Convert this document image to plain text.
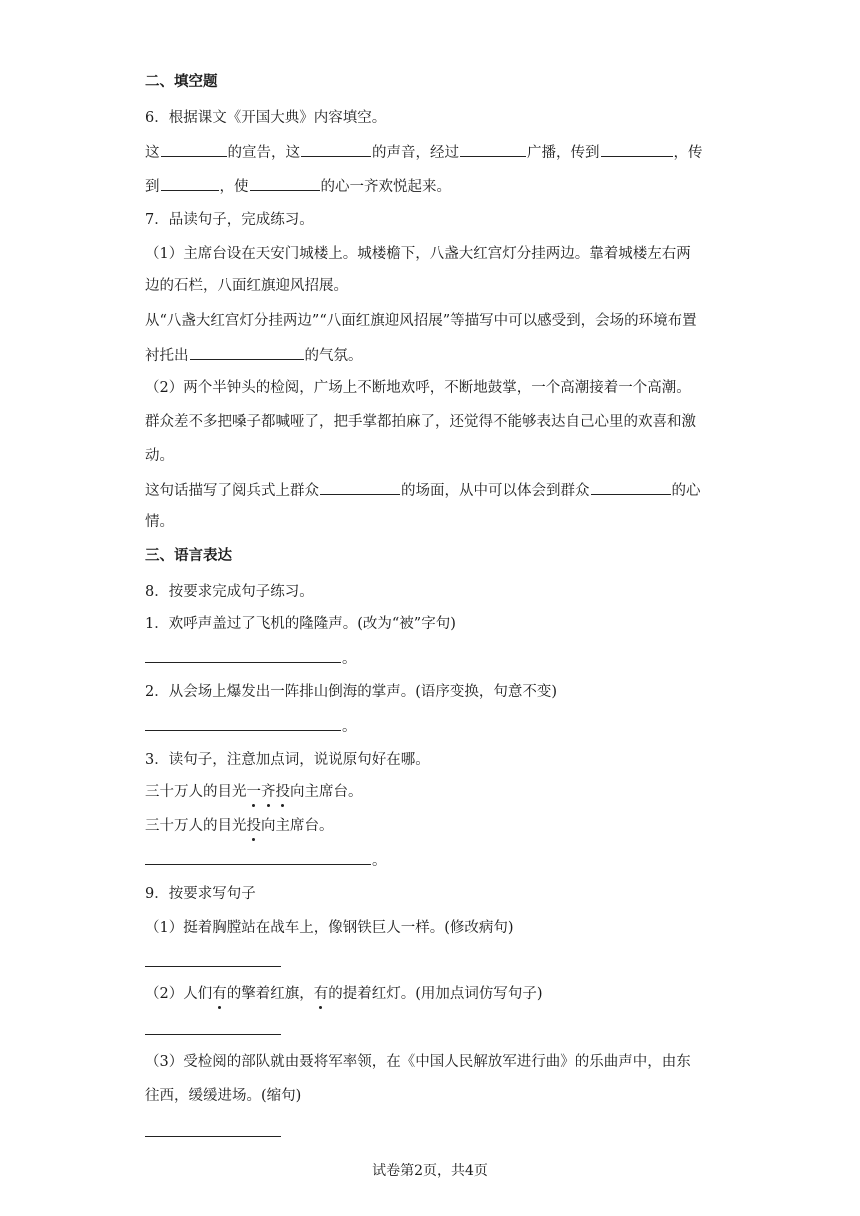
二、填空题
6．根据课文《开国大典》内容填空。
这	的宣告，这	的声音，经过	广播，传到	，传
到	，使	的心一齐欢悦起来。
7．品读句子，完成练习。
（1）主席台设在天安门城楼上。城楼檐下，八盏大红宫灯分挂两边。靠着城楼左右两
边的石栏，八面红旗迎风招展。
从“八盏大红宫灯分挂两边”“八面红旗迎风招展”等描写中可以感受到，会场的环境布置
衬托出	的气氛。
（2）两个半钟头的检阅，广场上不断地欢呼，不断地鼓掌，一个高潮接着一个高潮。
群众差不多把嗓子都喊哑了，把手掌都拍麻了，还觉得不能够表达自己心里的欢喜和激
动。
这句话描写了阅兵式上群众	的场面，从中可以体会到群众	的心
情。
三、语言表达
8．按要求完成句子练习。
1．欢呼声盖过了飞机的隆隆声。(改为“被”字句)
。
2．从会场上爆发出一阵排山倒海的掌声。(语序变换，句意不变)
。
3．读句子，注意加点词，说说原句好在哪。
三十万人的目光一齐投向主席台。
三十万人的目光投向主席台。
。
9．按要求写句子
（1）挺着胸膛站在战车上，像钢铁巨人一样。(修改病句)
（2）人们有的擎着红旗，有的提着红灯。(用加点词仿写句子)
（3）受检阅的部队就由聂将军率领，在《中国人民解放军进行曲》的乐曲声中，由东
往西，缓缓进场。(缩句)
试卷第2页，共4页
